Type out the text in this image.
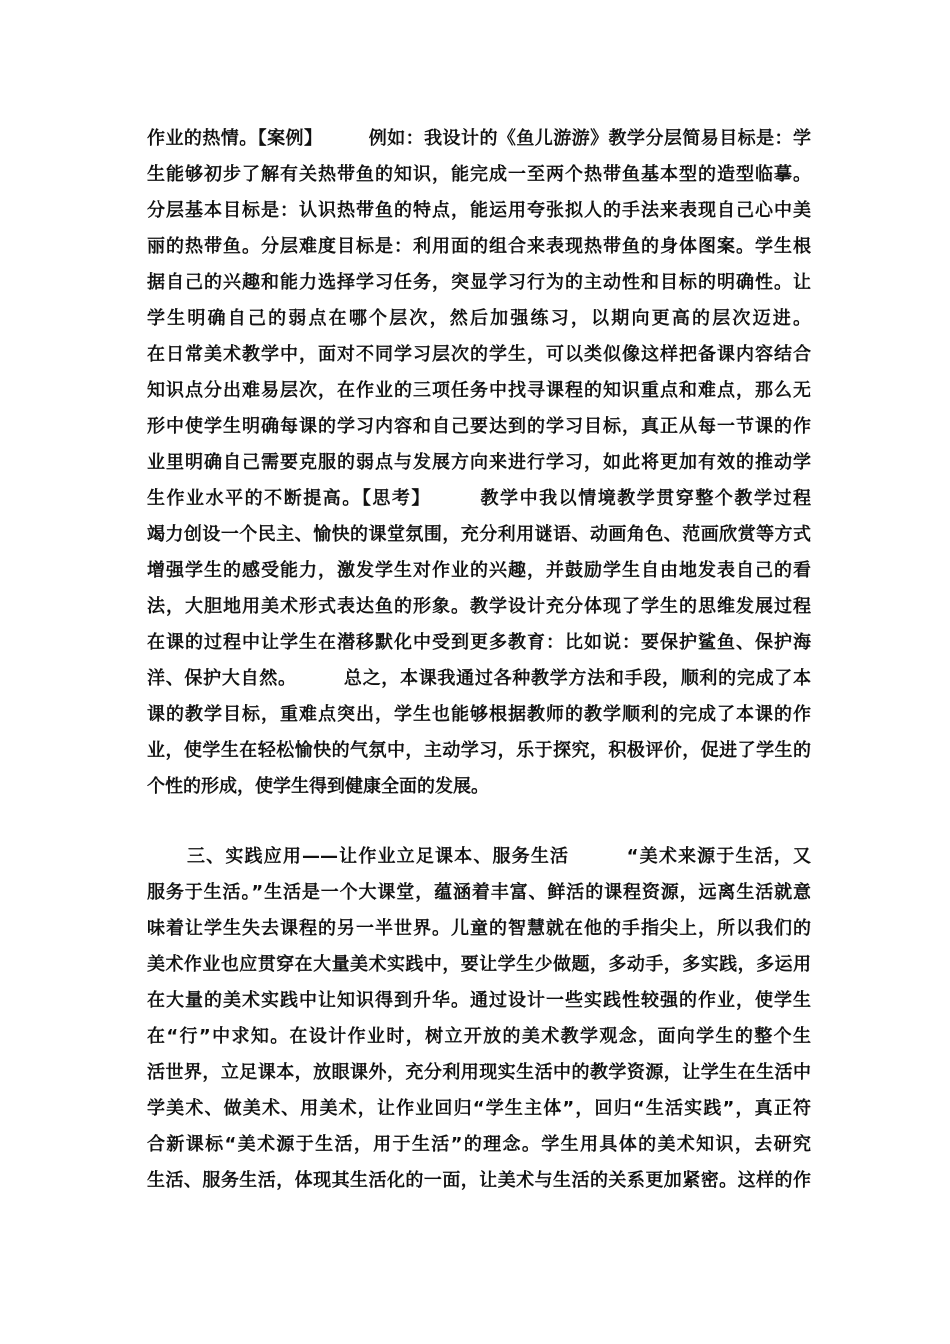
作业的热情。【案例】　　　例如：我设计的《鱼儿游游》教学分层简易目标是：学
生能够初步了解有关热带鱼的知识，能完成一至两个热带鱼基本型的造型临摹。
分层基本目标是：认识热带鱼的特点，能运用夸张拟人的手法来表现自己心中美
丽的热带鱼。分层难度目标是：利用面的组合来表现热带鱼的身体图案。学生根
据自己的兴趣和能力选择学习任务，突显学习行为的主动性和目标的明确性。让
学生明确自己的弱点在哪个层次，然后加强练习，以期向更高的层次迈进。
在日常美术教学中，面对不同学习层次的学生，可以类似像这样把备课内容结合
知识点分出难易层次，在作业的三项任务中找寻课程的知识重点和难点，那么无
形中使学生明确每课的学习内容和自己要达到的学习目标，真正从每一节课的作
业里明确自己需要克服的弱点与发展方向来进行学习，如此将更加有效的推动学
生作业水平的不断提高。【思考】　　　教学中我以情境教学贯穿整个教学过程
竭力创设一个民主、愉快的课堂氛围，充分利用谜语、动画角色、范画欣赏等方式
增强学生的感受能力，激发学生对作业的兴趣，并鼓励学生自由地发表自己的看
法，大胆地用美术形式表达鱼的形象。教学设计充分体现了学生的思维发展过程
在课的过程中让学生在潜移默化中受到更多教育：比如说：要保护鲨鱼、保护海
洋、保护大自然。　　　总之，本课我通过各种教学方法和手段，顺利的完成了本
课的教学目标，重难点突出，学生也能够根据教师的教学顺利的完成了本课的作
业，使学生在轻松愉快的气氛中，主动学习，乐于探究，积极评价，促进了学生的
个性的形成，使学生得到健康全面的发展。
三、实践应用——让作业立足课本、服务生活　　　“美术来源于生活，又
服务于生活。”生活是一个大课堂，蕴涵着丰富、鲜活的课程资源，远离生活就意
味着让学生失去课程的另一半世界。儿童的智慧就在他的手指尖上，所以我们的
美术作业也应贯穿在大量美术实践中，要让学生少做题，多动手，多实践，多运用
在大量的美术实践中让知识得到升华。通过设计一些实践性较强的作业，使学生
在“行”中求知。在设计作业时，树立开放的美术教学观念，面向学生的整个生
活世界，立足课本，放眼课外，充分利用现实生活中的教学资源，让学生在生活中
学美术、做美术、用美术，让作业回归“学生主体”，回归“生活实践”，真正符
合新课标“美术源于生活，用于生活”的理念。学生用具体的美术知识，去研究
生活、服务生活，体现其生活化的一面，让美术与生活的关系更加紧密。这样的作
